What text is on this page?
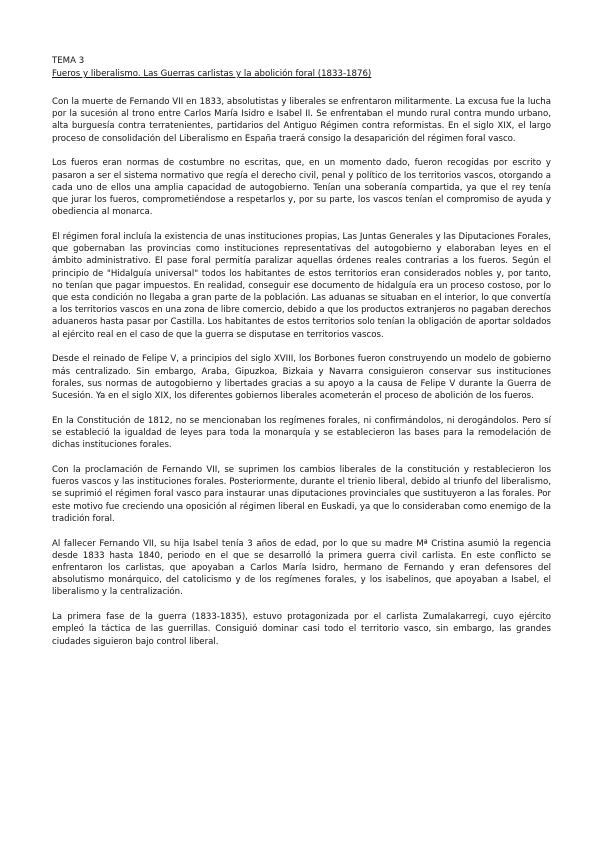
TEMA 3
Fueros y liberalismo. Las Guerras carlistas y la abolición foral (1833-1876)

Con la muerte de Fernando VII en 1833, absolutistas y liberales se enfrentaron militarmente. La excusa fue la lucha por la sucesión al trono entre Carlos María Isidro e Isabel II. Se enfrentaban el mundo rural contra mundo urbano, alta burguesía contra terratenientes, partidarios del Antiguo Régimen contra reformistas. En el siglo XIX, el largo proceso de consolidación del Liberalismo en España traerá consigo la desaparición del régimen foral vasco.

Los fueros eran normas de costumbre no escritas, que, en un momento dado, fueron recogidas por escrito y pasaron a ser el sistema normativo que regía el derecho civil, penal y político de los territorios vascos, otorgando a cada uno de ellos una amplia capacidad de autogobierno. Tenían una soberanía compartida, ya que el rey tenía que jurar los fueros, comprometiéndose a respetarlos y, por su parte, los vascos tenían el compromiso de ayuda y obediencia al monarca.

El régimen foral incluía la existencia de unas instituciones propias, Las Juntas Generales y las Diputaciones Forales, que gobernaban las provincias como instituciones representativas del autogobierno y elaboraban leyes en el ámbito administrativo. El pase foral permitía paralizar aquellas órdenes reales contrarias a los fueros. Según el principio de "Hidalguía universal" todos los habitantes de estos territorios eran considerados nobles y, por tanto, no tenían que pagar impuestos. En realidad, conseguir ese documento de hidalguía era un proceso costoso, por lo que esta condición no llegaba a gran parte de la población. Las aduanas se situaban en el interior, lo que convertía a los territorios vascos en una zona de libre comercio, debido a que los productos extranjeros no pagaban derechos aduaneros hasta pasar por Castilla. Los habitantes de estos territorios solo tenían la obligación de aportar soldados al ejército real en el caso de que la guerra se disputase en territorios vascos.

Desde el reinado de Felipe V, a principios del siglo XVIII, los Borbones fueron construyendo un modelo de gobierno más centralizado. Sin embargo, Araba, Gipuzkoa, Bizkaia y Navarra consiguieron conservar sus instituciones forales, sus normas de autogobierno y libertades gracias a su apoyo a la causa de Felipe V durante la Guerra de Sucesión. Ya en el siglo XIX, los diferentes gobiernos liberales acometerán el proceso de abolición de los fueros.

En la Constitución de 1812, no se mencionaban los regímenes forales, ni confirmándolos, ni derogándolos. Pero sí se estableció la igualdad de leyes para toda la monarquía y se establecieron las bases para la remodelación de dichas instituciones forales.

Con la proclamación de Fernando VII, se suprimen los cambios liberales de la constitución y restablecieron los fueros vascos y las instituciones forales. Posteriormente, durante el trienio liberal, debido al triunfo del liberalismo, se suprimió el régimen foral vasco para instaurar unas diputaciones provinciales que sustituyeron a las forales. Por este motivo fue creciendo una oposición al régimen liberal en Euskadi, ya que lo consideraban como enemigo de la tradición foral.

Al fallecer Fernando VII, su hija Isabel tenía 3 años de edad, por lo que su madre Mª Cristina asumió la regencia desde 1833 hasta 1840, periodo en el que se desarrolló la primera guerra civil carlista. En este conflicto se enfrentaron los carlistas, que apoyaban a Carlos María Isidro, hermano de Fernando y eran defensores del absolutismo monárquico, del catolicismo y de los regímenes forales, y los isabelinos, que apoyaban a Isabel, el liberalismo y la centralización.

La primera fase de la guerra (1833-1835), estuvo protagonizada por el carlista Zumalakarregi, cuyo ejército empleó la táctica de las guerrillas. Consiguió dominar casi todo el territorio vasco, sin embargo, las grandes ciudades siguieron bajo control liberal.
